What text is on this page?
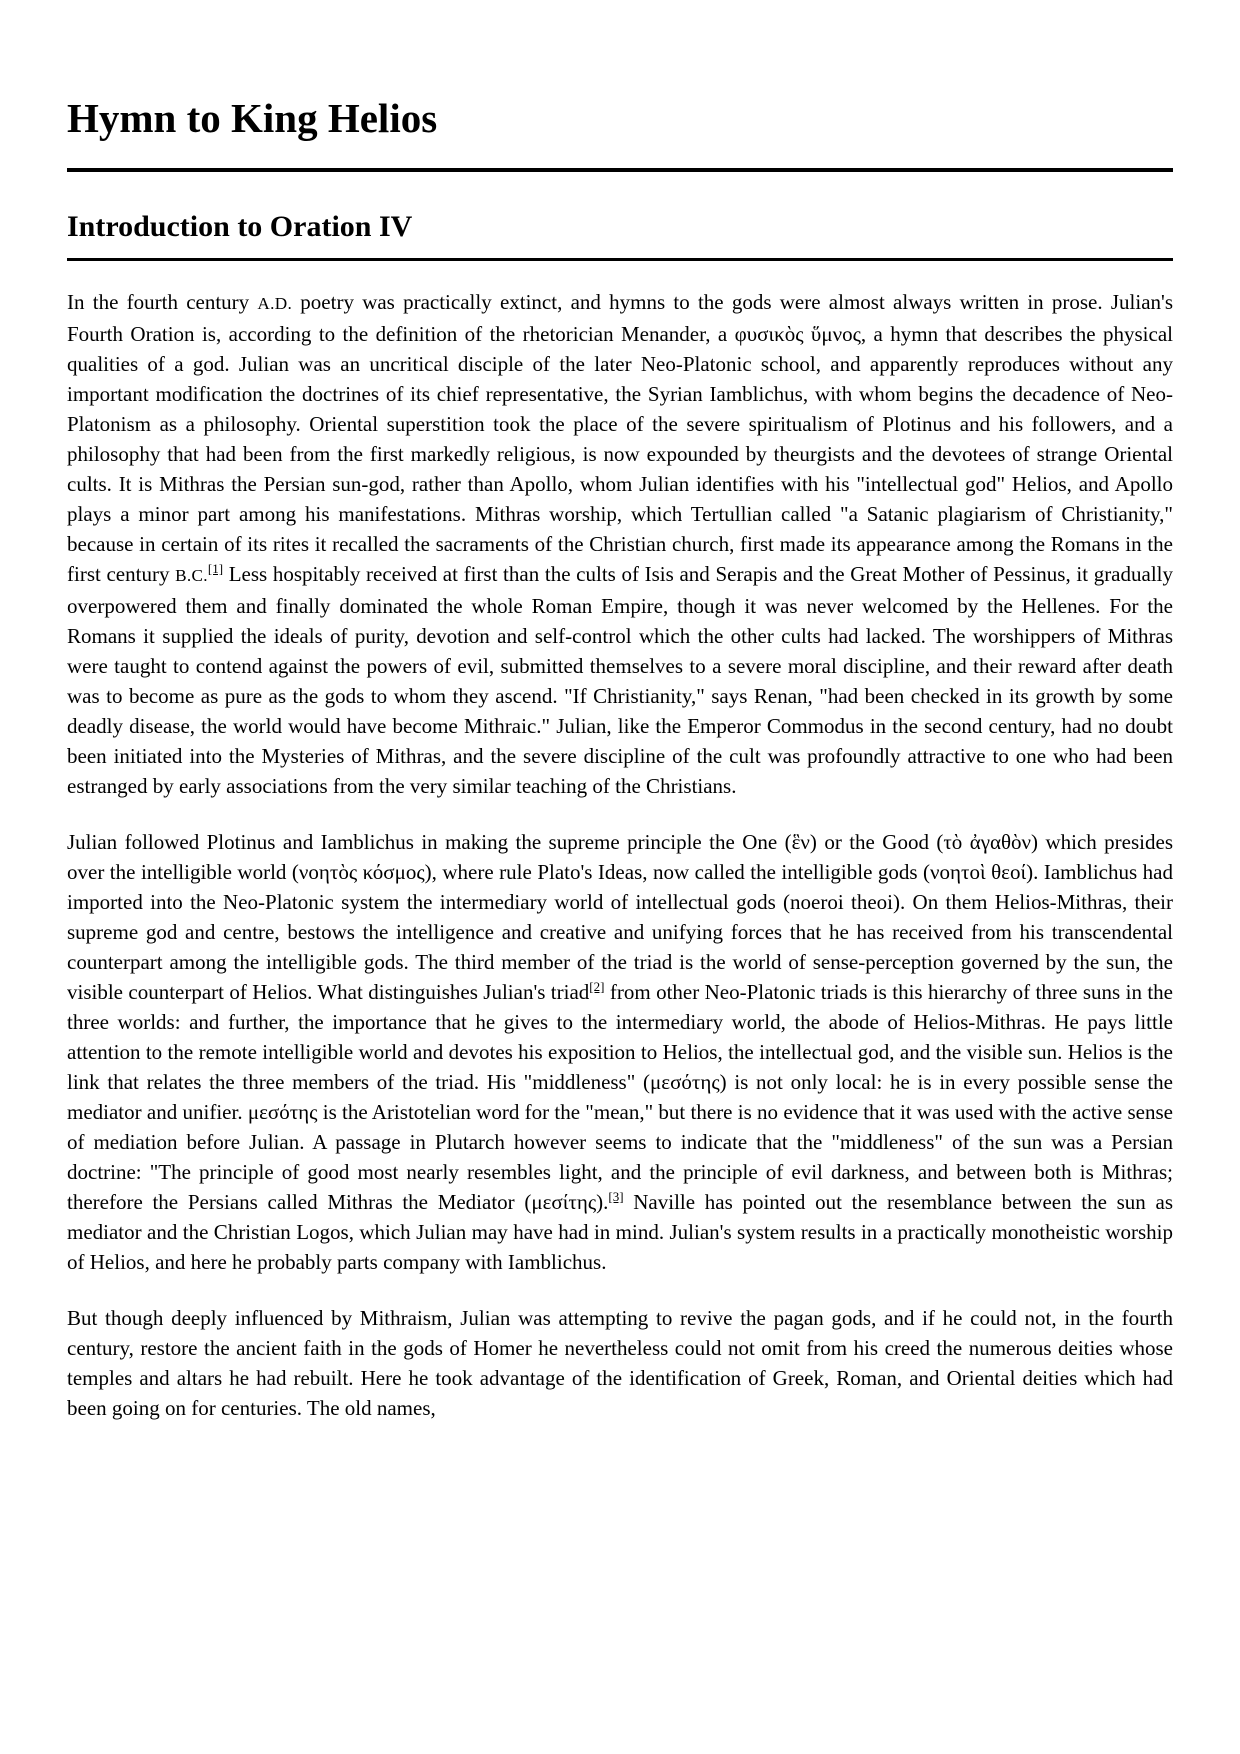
Hymn to King Helios
Introduction to Oration IV

In the fourth century A.D. poetry was practically extinct, and hymns to the gods were almost always written in prose. Julian's Fourth Oration is, according to the definition of the rhetorician Menander, a φυσικὸς ὕμνος, a hymn that describes the physical qualities of a god. Julian was an uncritical disciple of the later Neo-Platonic school, and apparently reproduces without any important modification the doctrines of its chief representative, the Syrian Iamblichus, with whom begins the decadence of Neo-Platonism as a philosophy. Oriental superstition took the place of the severe spiritualism of Plotinus and his followers, and a philosophy that had been from the first markedly religious, is now expounded by theurgists and the devotees of strange Oriental cults. It is Mithras the Persian sun-god, rather than Apollo, whom Julian identifies with his "intellectual god" Helios, and Apollo plays a minor part among his manifestations. Mithras worship, which Tertullian called "a Satanic plagiarism of Christianity," because in certain of its rites it recalled the sacraments of the Christian church, first made its appearance among the Romans in the first century B.C.[1] Less hospitably received at first than the cults of Isis and Serapis and the Great Mother of Pessinus, it gradually overpowered them and finally dominated the whole Roman Empire, though it was never welcomed by the Hellenes. For the Romans it supplied the ideals of purity, devotion and self-control which the other cults had lacked. The worshippers of Mithras were taught to contend against the powers of evil, submitted themselves to a severe moral discipline, and their reward after death was to become as pure as the gods to whom they ascend. "If Christianity," says Renan, "had been checked in its growth by some deadly disease, the world would have become Mithraic." Julian, like the Emperor Commodus in the second century, had no doubt been initiated into the Mysteries of Mithras, and the severe discipline of the cult was profoundly attractive to one who had been estranged by early associations from the very similar teaching of the Christians.

Julian followed Plotinus and Iamblichus in making the supreme principle the One (ἓν) or the Good (τὸ ἀγαθὸν) which presides over the intelligible world (νοητὸς κόσμος), where rule Plato's Ideas, now called the intelligible gods (νοητοὶ θεοί). Iamblichus had imported into the Neo-Platonic system the intermediary world of intellectual gods (noeroi theoi). On them Helios-Mithras, their supreme god and centre, bestows the intelligence and creative and unifying forces that he has received from his transcendental counterpart among the intelligible gods. The third member of the triad is the world of sense-perception governed by the sun, the visible counterpart of Helios. What distinguishes Julian's triad[2] from other Neo-Platonic triads is this hierarchy of three suns in the three worlds: and further, the importance that he gives to the intermediary world, the abode of Helios-Mithras. He pays little attention to the remote intelligible world and devotes his exposition to Helios, the intellectual god, and the visible sun. Helios is the link that relates the three members of the triad. His "middleness" (μεσότης) is not only local: he is in every possible sense the mediator and unifier. μεσότης is the Aristotelian word for the "mean," but there is no evidence that it was used with the active sense of mediation before Julian. A passage in Plutarch however seems to indicate that the "middleness" of the sun was a Persian doctrine: "The principle of good most nearly resembles light, and the principle of evil darkness, and between both is Mithras; therefore the Persians called Mithras the Mediator (μεσίτης).[3] Naville has pointed out the resemblance between the sun as mediator and the Christian Logos, which Julian may have had in mind. Julian's system results in a practically monotheistic worship of Helios, and here he probably parts company with Iamblichus.

But though deeply influenced by Mithraism, Julian was attempting to revive the pagan gods, and if he could not, in the fourth century, restore the ancient faith in the gods of Homer he nevertheless could not omit from his creed the numerous deities whose temples and altars he had rebuilt. Here he took advantage of the identification of Greek, Roman, and Oriental deities which had been going on for centuries. The old names,
